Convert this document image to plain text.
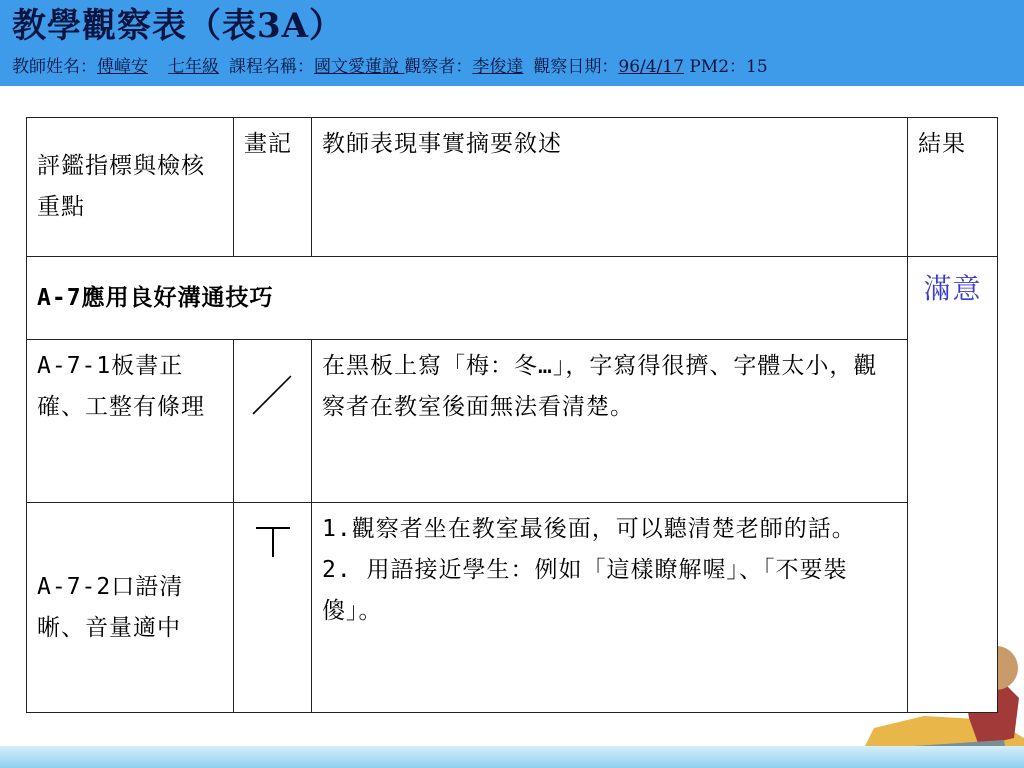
教學觀察表（表3A）
教師姓名：傅嶂安 七年級 課程名稱：國文愛蓮說 觀察者：李俊達 觀察日期：96/4/17 PM2：15
評鑑指標與檢核重點	畫記	教師表現事實摘要敘述	結果
A-7應用良好溝通技巧			滿意

A-7-1板書正確、工整有條理	／	在黑板上寫「梅：冬…」，字寫得很擠、字體太小，觀察者在教室後面無法看清楚。	
A-7-2口語清晰、音量適中		1.觀察者坐在教室最後面，可以聽清楚老師的話。
2. 用語接近學生：例如「這樣瞭解喔」、「不要裝傻」。	
